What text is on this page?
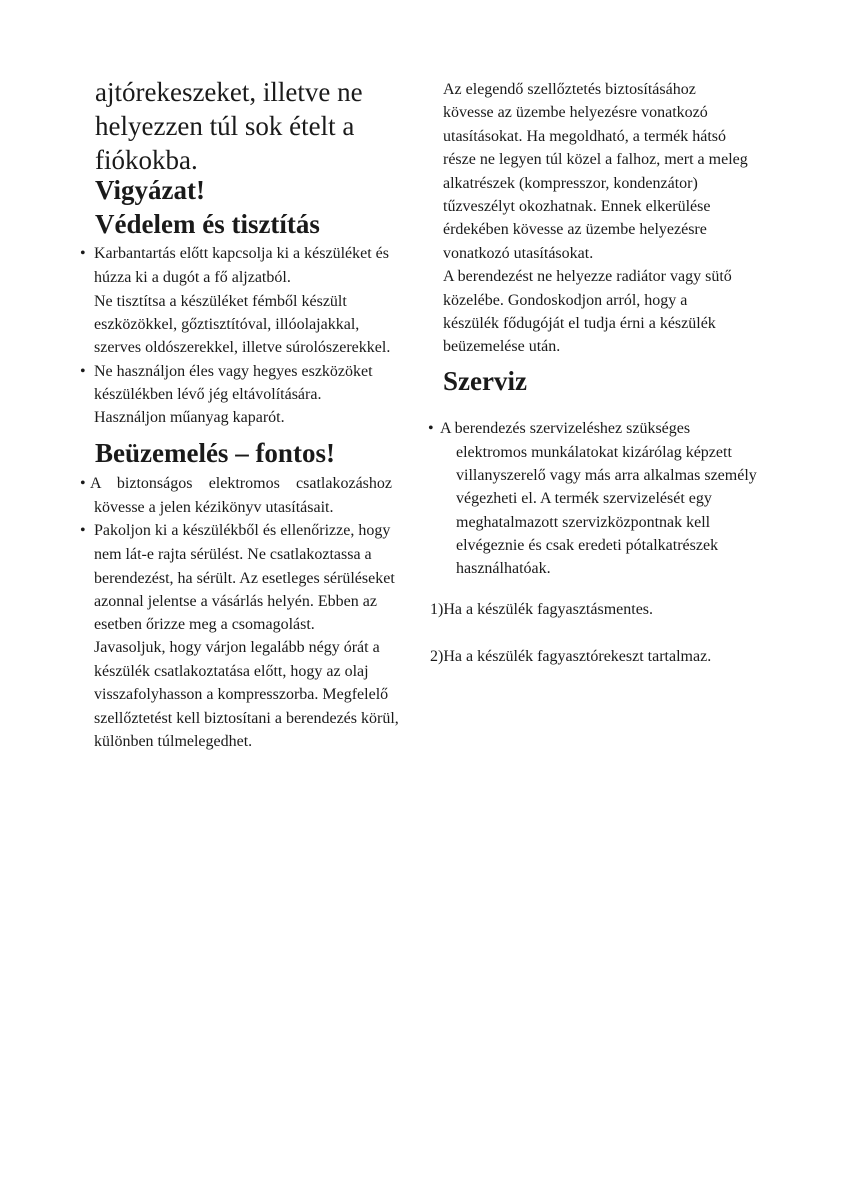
ajtórekeszeket, illetve ne
helyezzen túl sok ételt a
fiókokba.
Vigyázat!
Védelem és tisztítás
• Karbantartás előtt kapcsolja ki a készüléket és
húzza ki a dugót a fő aljzatból.
Ne tisztítsa a készüléket fémből készült
eszközökkel, gőztisztítóval, illóolajakkal,
szerves oldószerekkel, illetve súrolószerekkel.
• Ne használjon éles vagy hegyes eszközöket
készülékben lévő jég eltávolítására.
Használjon műanyag kaparót.
Beüzemelés – fontos!
• A biztonságos elektromos csatlakozáshoz
kövesse a jelen kézikönyv utasításait.
• Pakoljon ki a készülékből és ellenőrizze, hogy
nem lát-e rajta sérülést. Ne csatlakoztassa a
berendezést, ha sérült. Az esetleges sérüléseket
azonnal jelentse a vásárlás helyén. Ebben az
esetben őrizze meg a csomagolást.
Javasoljuk, hogy várjon legalább négy órát a
készülék csatlakoztatása előtt, hogy az olaj
visszafolyhasson a kompresszorba. Megfelelő
szellőztetést kell biztosítani a berendezés körül,
különben túlmelegedhet.
Az elegendő szellőztetés biztosításához
kövesse az üzembe helyezésre vonatkozó
utasításokat. Ha megoldható, a termék hátsó
része ne legyen túl közel a falhoz, mert a meleg
alkatrészek (kompresszor, kondenzátor)
tűzveszélyt okozhatnak. Ennek elkerülése
érdekében kövesse az üzembe helyezésre
vonatkozó utasításokat.
A berendezést ne helyezze radiátor vagy sütő
közelébe. Gondoskodjon arról, hogy a
készülék fődugóját el tudja érni a készülék
beüzemelése után.
Szerviz
• A berendezés szervizeléshez szükséges
elektromos munkálatokat kizárólag képzett
villanyszerelő vagy más arra alkalmas személy
végezheti el. A termék szervizelését egy
meghatalmazott szervizközpontnak kell
elvégeznie és csak eredeti pótalkatrészek
használhatóak.
1)Ha a készülék fagyasztásmentes.
2)Ha a készülék fagyasztórekeszt tartalmaz.
